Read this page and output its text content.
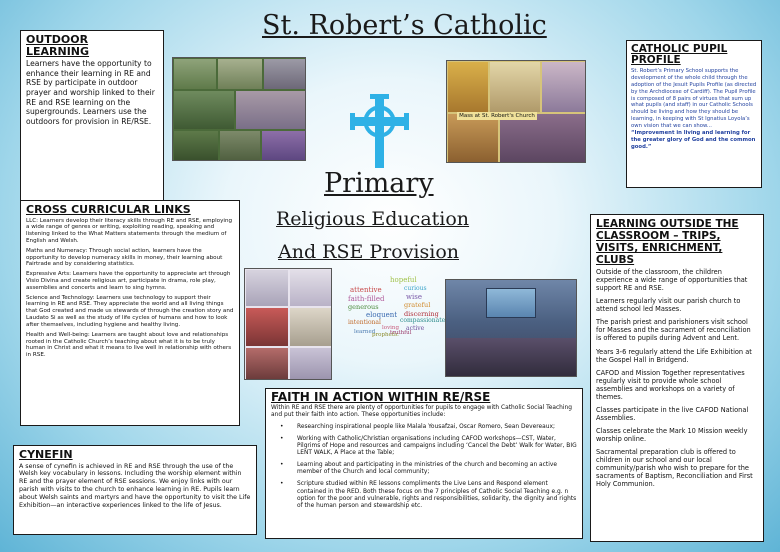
St. Robert’s Catholic
Primary
Religious Education
And RSE Provision
OUTDOOR LEARNING

Learners have the opportunity to enhance their learning in RE and RSE by participate in outdoor prayer and worship linked to their RE and RSE learning on the supergrounds. Learners use the outdoors for provision in RE/RSE.

Mass at St. Robert's Church
CATHOLIC PUPIL PROFILE

St. Robert’s Primary School supports the development of the whole child through the adoption of the Jesuit Pupils Profile (as directed by the Archdiocese of Cardiff). The Pupil Profile is composed of 8 pairs of virtues that sum up what pupils (and staff) in our Catholic Schools should be living and how they should be learning, in keeping with St Ignatius Loyola’s own vision that we can show... “Improvement in living and learning for the greater glory of God and the common good.”

CROSS CURRICULAR LINKS

LLC: Learners develop their literacy skills through RE and RSE, employing a wide range of genres or writing, exploiting reading, speaking and listening linked to the What Matters statements through the medium of English and Welsh.

Maths and Numeracy: Through social action, learners have the opportunity to develop numeracy skills in money, their learning about Fairtrade and by considering statistics.

Expressive Arts: Learners have the opportunity to appreciate art through Visio Divina and create religious art, participate in drama, role play, assemblies and concerts and learn to sing hymns.

Science and Technology: Learners use technology to support their learning in RE and RSE. They appreciate the world and all living things that God created and made us stewards of through the creation story and Laudato Si as well as the study of life cycles of humans and how to look after themselves, including hygiene and healthy living.

Health and Well-being: Learners are taught about love and relationships rooted in the Catholic Church’s teaching about what it is to be truly human in Christ and what it means to live well in relationship with others in RSE.

hopeful
curious
attentive
wise
faith-filled
grateful
generous
eloquent discerning
intentional	compassionate
active
loving
learned
prophetic
truthful
CYNEFIN

A sense of cynefin is achieved in RE and RSE through the use of the Welsh key vocabulary in lessons. Including the worship element within RE and the prayer element of RSE sessions. We enjoy links with our parish with visits to the church to enhance learning in RE. Pupils learn about Welsh saints and martyrs and have the opportunity to visit the Life Exhibition—an interactive experiences linked to the life of Jesus.

FAITH IN ACTION WITHIN RE/RSE

Within RE and RSE there are plenty of opportunities for pupils to engage with Catholic Social Teaching and put their faith into action. These opportunities include:

• Researching inspirational people like Malala Yousafzai, Oscar Romero, Sean Devereaux;
• Working with Catholic/Christian organisations including CAFOD workshops—CST, Water, Pilgrims of Hope and resources and campaigns including ‘Cancel the Debt’ Walk for Water, BIG LENT WALK, A Place at the Table;
• Learning about and participating in the ministries of the church and becoming an active member of the Church and local community;
• Scripture studied within RE lessons compliments the Live Lens and Respond element contained in the RED. Both these focus on the 7 principles of Catholic Social Teaching e.g. n option for the poor and vulnerable, rights and responsibilities, solidarity, the dignity and rights of the human person and stewardship etc.
LEARNING OUTSIDE THE CLASSROOM – TRIPS, VISITS, ENRICHMENT, CLUBS

Outside of the classroom, the children experience a wide range of opportunities that support RE and RSE.

Learners regularly visit our parish church to attend school led Masses.

The parish priest and parishioners visit school for Masses and the sacrament of reconciliation is offered to pupils during Advent and Lent.

Years 3-6 regularly attend the Life Exhibition at the Gospel Hall in Bridgend.

CAFOD and Mission Together representatives regularly visit to provide whole school assemblies and workshops on a variety of themes.

Classes participate in the live CAFOD National Assemblies.

Classes celebrate the Mark 10 Mission weekly worship online.

Sacramental preparation club is offered to children in our school and our local community/parish who wish to prepare for the sacraments of Baptism, Reconciliation and First Holy Communion.
